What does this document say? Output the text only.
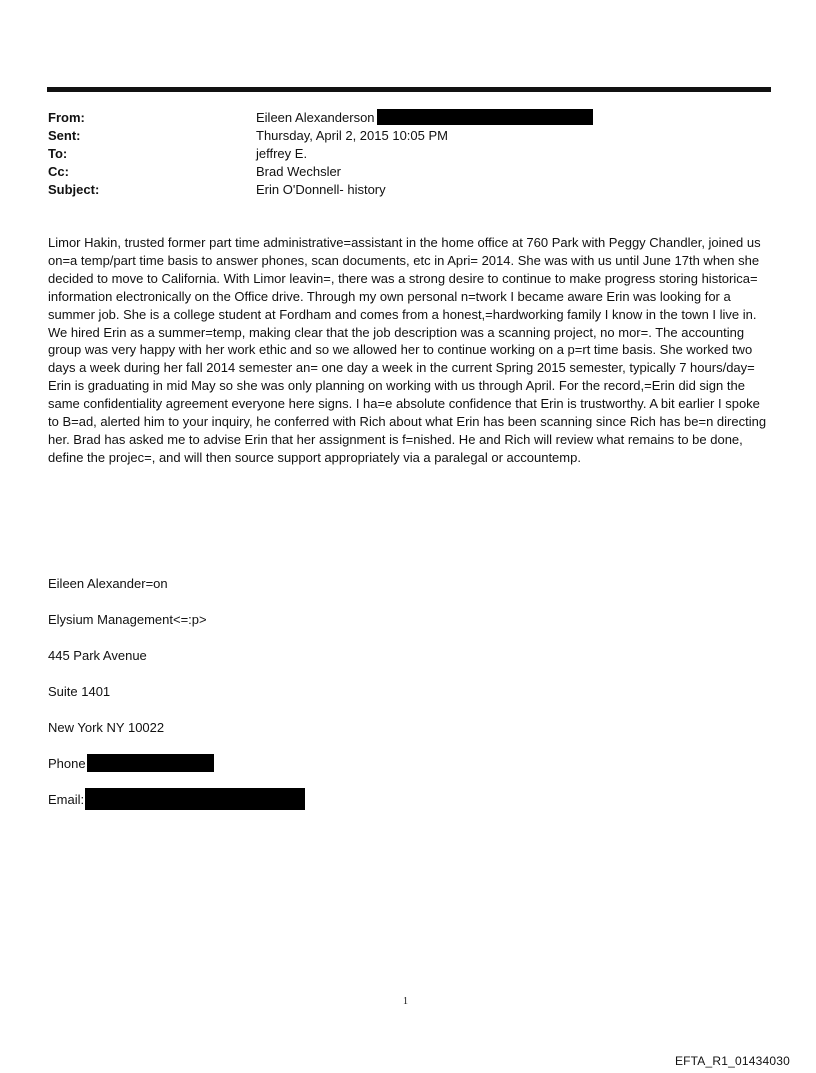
From:	Eileen Alexanderson
Sent:	Thursday, April 2, 2015 10:05 PM
To:	jeffrey E.
Cc:	Brad Wechsler
Subject:	Erin O'Donnell- history

Limor Hakin, trusted former part time administrative=assistant in the home office at 760 Park with Peggy Chandler, joined us on=a temp/part time basis to answer phones, scan documents, etc in Apri= 2014. She was with us until June 17th when she decided to move to California. With Limor leavin=, there was a strong desire to continue to make progress storing historica= information electronically on the Office drive. Through my own personal n=twork I became aware Erin was looking for a summer job. She is a college student at Fordham and comes from a honest,=hardworking family I know in the town I live in. We hired Erin as a summer=temp, making clear that the job description was a scanning project, no mor=. The accounting group was very happy with her work ethic and so we allowed her to continue working on a p=rt time basis. She worked two days a week during her fall 2014 semester an= one day a week in the current Spring 2015 semester, typically 7 hours/day= Erin is graduating in mid May so she was only planning on working with us through April. For the record,=Erin did sign the same confidentiality agreement everyone here signs. I ha=e absolute confidence that Erin is trustworthy. A bit earlier I spoke to B=ad, alerted him to your inquiry, he conferred with Rich about what Erin has been scanning since Rich has be=n directing her. Brad has asked me to advise Erin that her assignment is f=nished. He and Rich will review what remains to be done, define the projec=, and will then source support appropriately via a paralegal or accountemp.

Eileen Alexander=on
Elysium Management<=:p>
445 Park Avenue
Suite 1401
New York NY 10022
Phone
Email:
1
EFTA_R1_01434030
